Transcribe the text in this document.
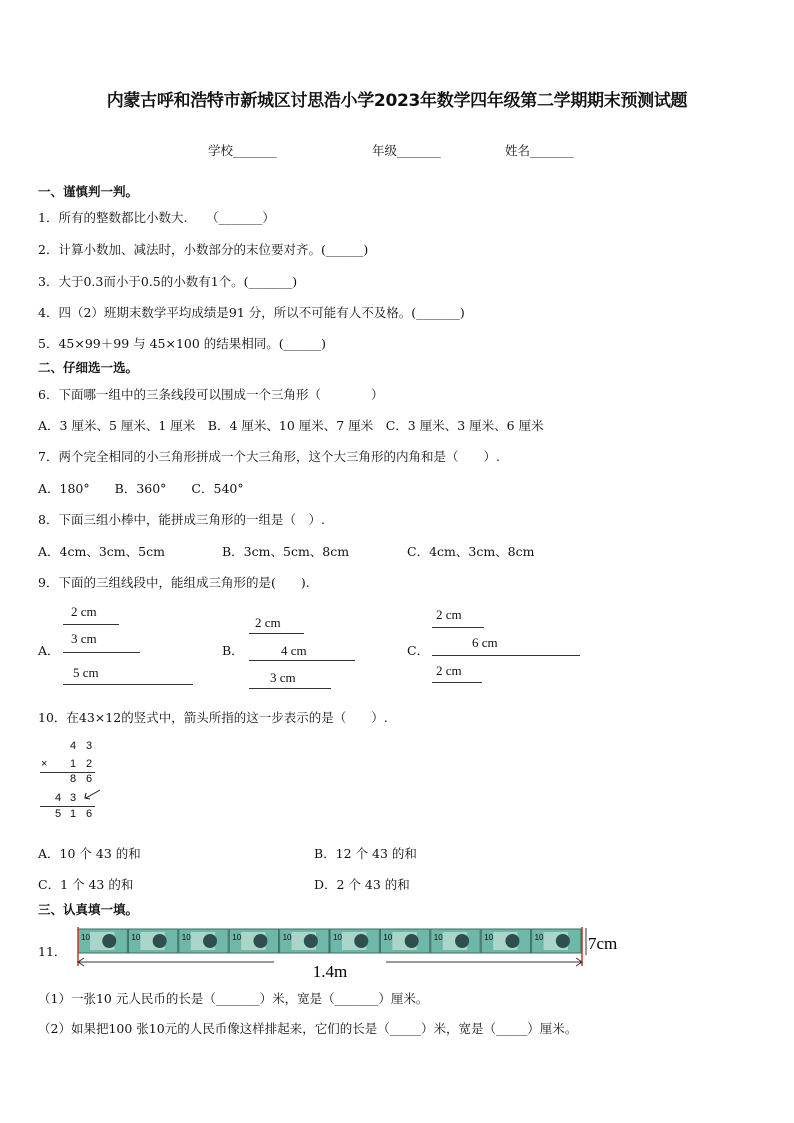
内蒙古呼和浩特市新城区讨思浩小学2023年数学四年级第二学期期末预测试题
学校_______	年级_______	姓名_______
一、谨慎判一判。
1．所有的整数都比小数大.　　（_______）
2．计算小数加、减法时，小数部分的末位要对齐。(______)
3．大于0.3而小于0.5的小数有1个。(_______)
4．四（2）班期末数学平均成绩是91 分，所以不可能有人不及格。(_______)
5．45×99＋99 与 45×100 的结果相同。(______)
二、仔细选一选。
6．下面哪一组中的三条线段可以围成一个三角形（　　　　）
A．3 厘米、5 厘米、1 厘米　B．4 厘米、10 厘米、7 厘米　C．3 厘米、3 厘米、6 厘米
7．两个完全相同的小三角形拼成一个大三角形，这个大三角形的内角和是（　　）.
A．180°　　B．360°　　C．540°
8．下面三组小棒中，能拼成三角形的一组是（　）.
A．4cm、3cm、5cm	B．3cm、5cm、8cm	C．4cm、3cm、8cm
9．下面的三组线段中，能组成三角形的是(　　).
A．
2 cm
3 cm
5 cm
B．
2 cm
4 cm
3 cm
C．
2 cm
6 cm
2 cm
10．在43×12的竖式中，箭头所指的这一步表示的是（　　）.
4 3
× 1 2
8 6
4 3
5 1 6
A．10 个 43 的和	B．12 个 43 的和
C．1 个 43 的和	D．2 个 43 的和
三、认真填一填。
11．
10	10	10	10	10	10	10	10	10	10
1.4m
7cm
（1）一张10 元人民币的长是（_______）米，宽是（_______）厘米。
（2）如果把100 张10元的人民币像这样排起来，它们的长是（_____）米，宽是（_____）厘米。
